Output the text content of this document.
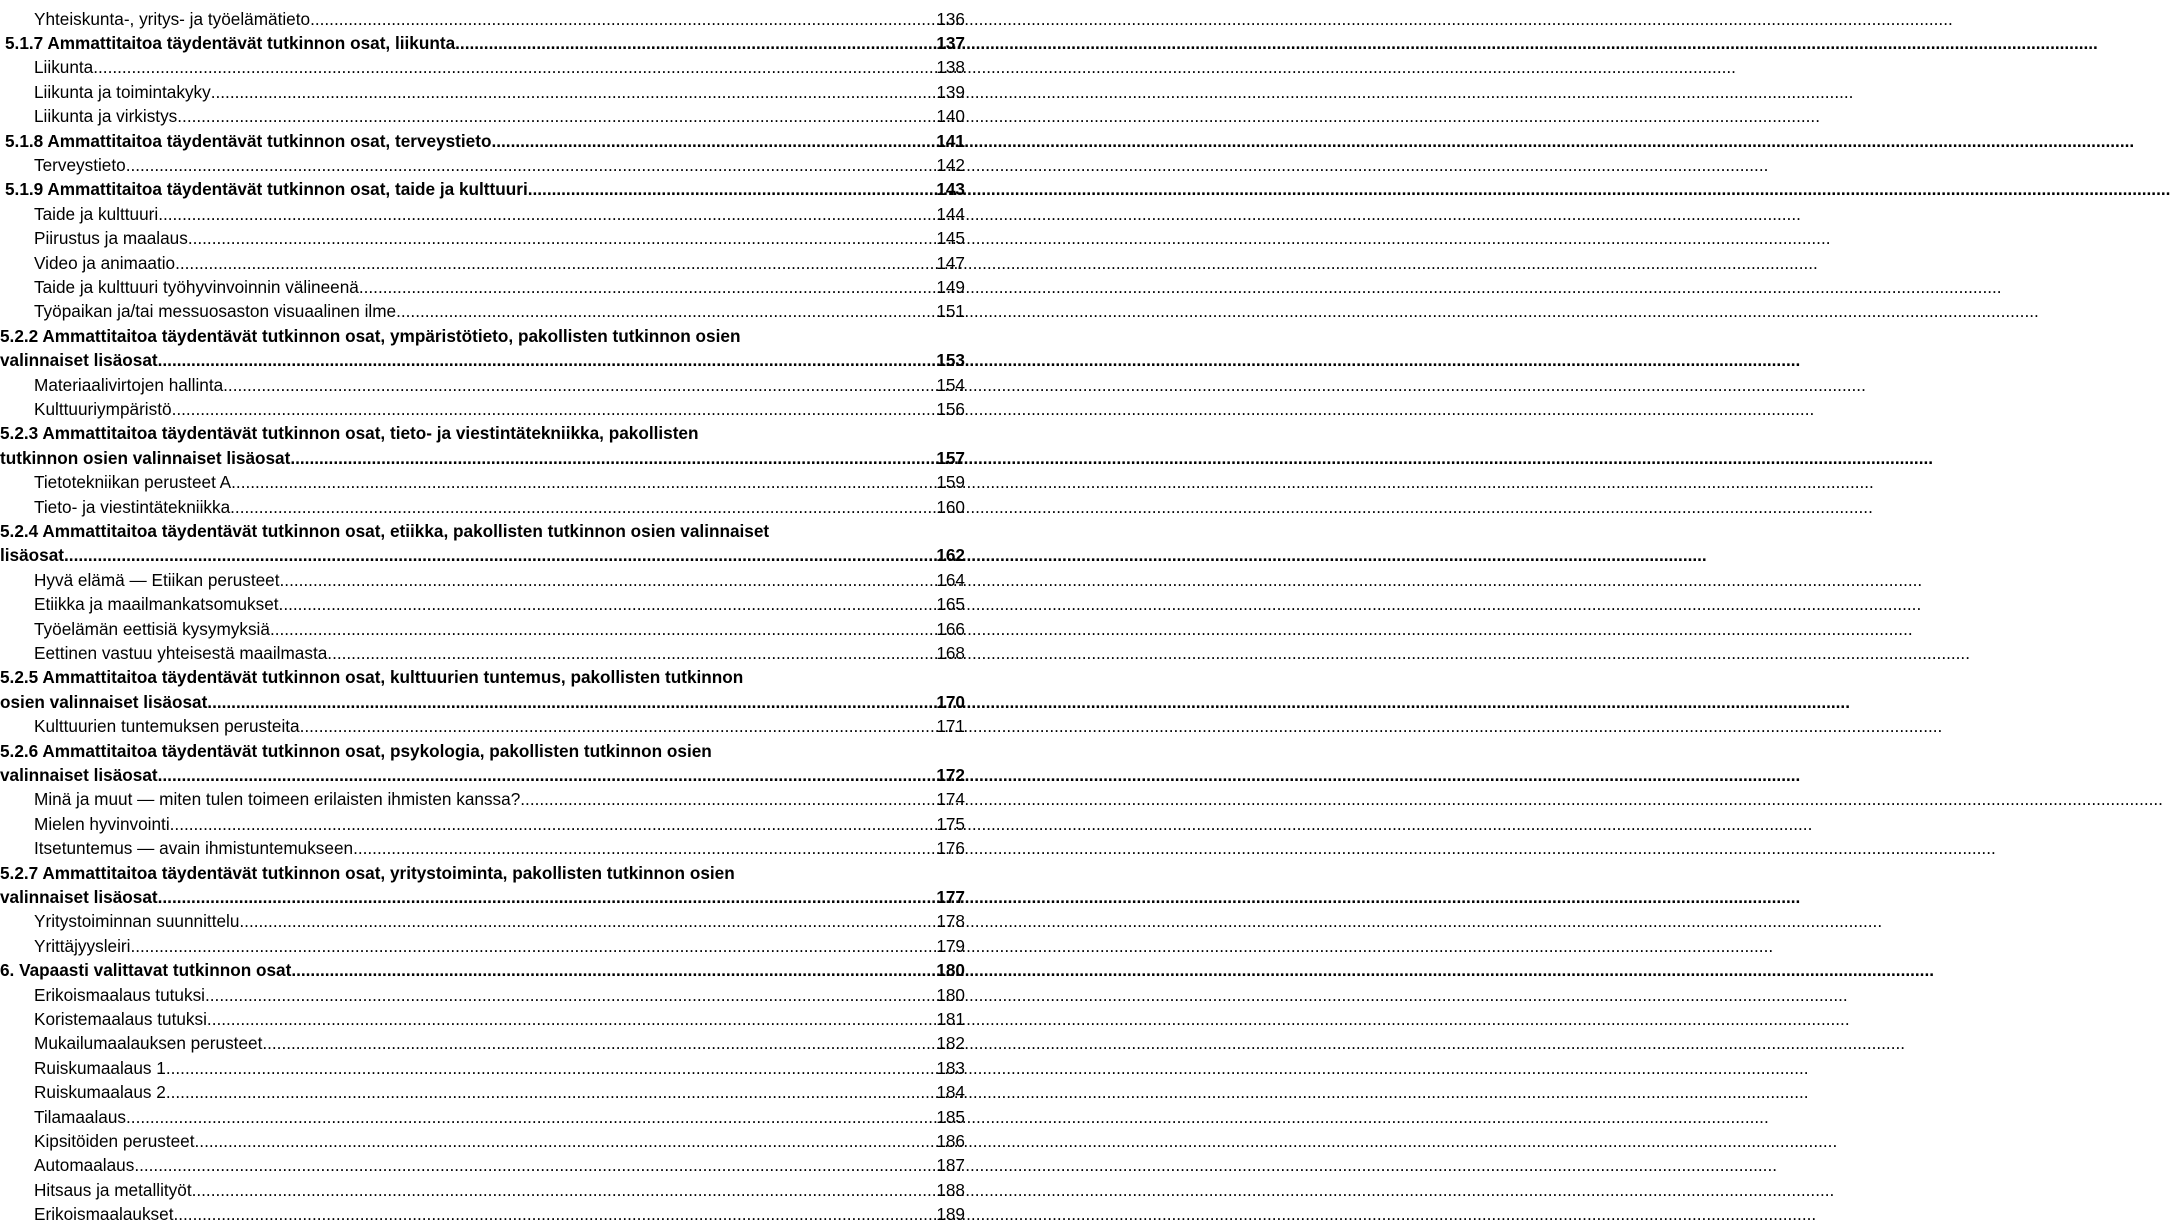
Yhteiskunta-, yritys- ja työelämätieto .....	136
5.1.7 Ammattitaitoa täydentävät tutkinnon osat, liikunta .....	137
Liikunta .....	138
Liikunta ja toimintakyky .....	139
Liikunta ja virkistys .....	140
5.1.8 Ammattitaitoa täydentävät tutkinnon osat, terveystieto .....	141
Terveystieto .....	142
5.1.9 Ammattitaitoa täydentävät tutkinnon osat, taide ja kulttuuri .....	143
Taide ja kulttuuri .....	144
Piirustus ja maalaus .....	145
Video ja animaatio .....	147
Taide ja kulttuuri työhyvinvoinnin välineenä .....	149
Työpaikan ja/tai messuosaston visuaalinen ilme .....	151
5.2.2 Ammattitaitoa täydentävät tutkinnon osat, ympäristötieto, pakollisten tutkinnon osien
valinnaiset lisäosat .....	153
Materiaalivirtojen hallinta .....	154
Kulttuuriympäristö .....	156
5.2.3 Ammattitaitoa täydentävät tutkinnon osat, tieto- ja viestintätekniikka, pakollisten
tutkinnon osien valinnaiset lisäosat .....	157
Tietotekniikan perusteet A .....	159
Tieto- ja viestintätekniikka .....	160
5.2.4 Ammattitaitoa täydentävät tutkinnon osat, etiikka, pakollisten tutkinnon osien valinnaiset
lisäosat .....	162
Hyvä elämä — Etiikan perusteet .....	164
Etiikka ja maailmankatsomukset .....	165
Työelämän eettisiä kysymyksiä .....	166
Eettinen vastuu yhteisestä maailmasta .....	168
5.2.5 Ammattitaitoa täydentävät tutkinnon osat, kulttuurien tuntemus, pakollisten tutkinnon
osien valinnaiset lisäosat .....	170
Kulttuurien tuntemuksen perusteita .....	171
5.2.6 Ammattitaitoa täydentävät tutkinnon osat, psykologia, pakollisten tutkinnon osien
valinnaiset lisäosat .....	172
Minä ja muut — miten tulen toimeen erilaisten ihmisten kanssa? .....	174
Mielen hyvinvointi .....	175
Itsetuntemus — avain ihmistuntemukseen .....	176
5.2.7 Ammattitaitoa täydentävät tutkinnon osat, yritystoiminta, pakollisten tutkinnon osien
valinnaiset lisäosat .....	177
Yritystoiminnan suunnittelu .....	178
Yrittäjyysleiri .....	179
6. Vapaasti valittavat tutkinnon osat .....	180
Erikoismaalaus tutuksi .....	180
Koristemaalaus tutuksi .....	181
Mukailumaalauksen perusteet .....	182
Ruiskumaalaus 1 .....	183
Ruiskumaalaus 2 .....	184
Tilamaalaus .....	185
Kipsitöiden perusteet .....	186
Automaalaus .....	187
Hitsaus ja metallityöt .....	188
Erikoismaalaukset .....	189
